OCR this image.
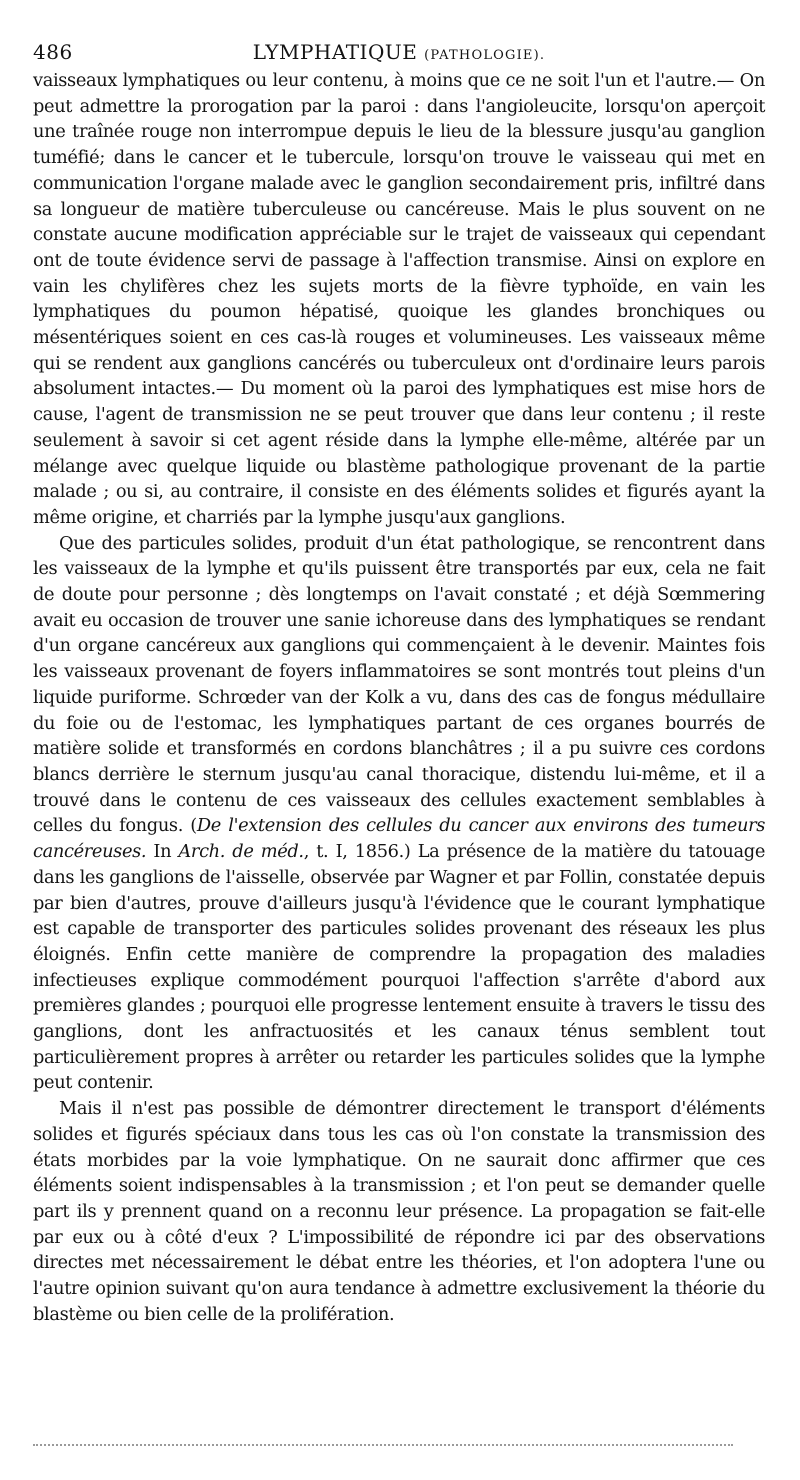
486	LYMPHATIQUE (PATHOLOGIE).

vaisseaux lymphatiques ou leur contenu, à moins que ce ne soit l'un et l'autre.— On peut admettre la prorogation par la paroi : dans l'angioleucite, lorsqu'on aperçoit une traînée rouge non interrompue depuis le lieu de la blessure jusqu'au ganglion tuméfié; dans le cancer et le tubercule, lorsqu'on trouve le vaisseau qui met en communication l'organe malade avec le ganglion secondairement pris, infiltré dans sa longueur de matière tuberculeuse ou cancéreuse. Mais le plus souvent on ne constate aucune modification appréciable sur le trajet de vaisseaux qui cependant ont de toute évidence servi de passage à l'affection transmise. Ainsi on explore en vain les chylifères chez les sujets morts de la fièvre typhoïde, en vain les lymphatiques du poumon hépatisé, quoique les glandes bronchiques ou mésentériques soient en ces cas-là rouges et volumineuses. Les vaisseaux même qui se rendent aux ganglions cancérés ou tuberculeux ont d'ordinaire leurs parois absolument intactes.— Du moment où la paroi des lymphatiques est mise hors de cause, l'agent de transmission ne se peut trouver que dans leur contenu ; il reste seulement à savoir si cet agent réside dans la lymphe elle-même, altérée par un mélange avec quelque liquide ou blastème pathologique provenant de la partie malade ; ou si, au contraire, il consiste en des éléments solides et figurés ayant la même origine, et charriés par la lymphe jusqu'aux ganglions.

Que des particules solides, produit d'un état pathologique, se rencontrent dans les vaisseaux de la lymphe et qu'ils puissent être transportés par eux, cela ne fait de doute pour personne ; dès longtemps on l'avait constaté ; et déjà Sœmmering avait eu occasion de trouver une sanie ichoreuse dans des lymphatiques se rendant d'un organe cancéreux aux ganglions qui commençaient à le devenir. Maintes fois les vaisseaux provenant de foyers inflammatoires se sont montrés tout pleins d'un liquide puriforme. Schrœder van der Kolk a vu, dans des cas de fongus médullaire du foie ou de l'estomac, les lymphatiques partant de ces organes bourrés de matière solide et transformés en cordons blanchâtres ; il a pu suivre ces cordons blancs derrière le sternum jusqu'au canal thoracique, distendu lui-même, et il a trouvé dans le contenu de ces vaisseaux des cellules exactement semblables à celles du fongus. (De l'extension des cellules du cancer aux environs des tumeurs cancéreuses. In Arch. de méd., t. I, 1856.) La présence de la matière du tatouage dans les ganglions de l'aisselle, observée par Wagner et par Follin, constatée depuis par bien d'autres, prouve d'ailleurs jusqu'à l'évidence que le courant lymphatique est capable de transporter des particules solides provenant des réseaux les plus éloignés. Enfin cette manière de comprendre la propagation des maladies infectieuses explique commodément pourquoi l'affection s'arrête d'abord aux premières glandes ; pourquoi elle progresse lentement ensuite à travers le tissu des ganglions, dont les anfractuosités et les canaux ténus semblent tout particulièrement propres à arrêter ou retarder les particules solides que la lymphe peut contenir.

Mais il n'est pas possible de démontrer directement le transport d'éléments solides et figurés spéciaux dans tous les cas où l'on constate la transmission des états morbides par la voie lymphatique. On ne saurait donc affirmer que ces éléments soient indispensables à la transmission ; et l'on peut se demander quelle part ils y prennent quand on a reconnu leur présence. La propagation se fait-elle par eux ou à côté d'eux ? L'impossibilité de répondre ici par des observations directes met nécessairement le débat entre les théories, et l'on adoptera l'une ou l'autre opinion suivant qu'on aura tendance à admettre exclusivement la théorie du blastème ou bien celle de la prolifération.
